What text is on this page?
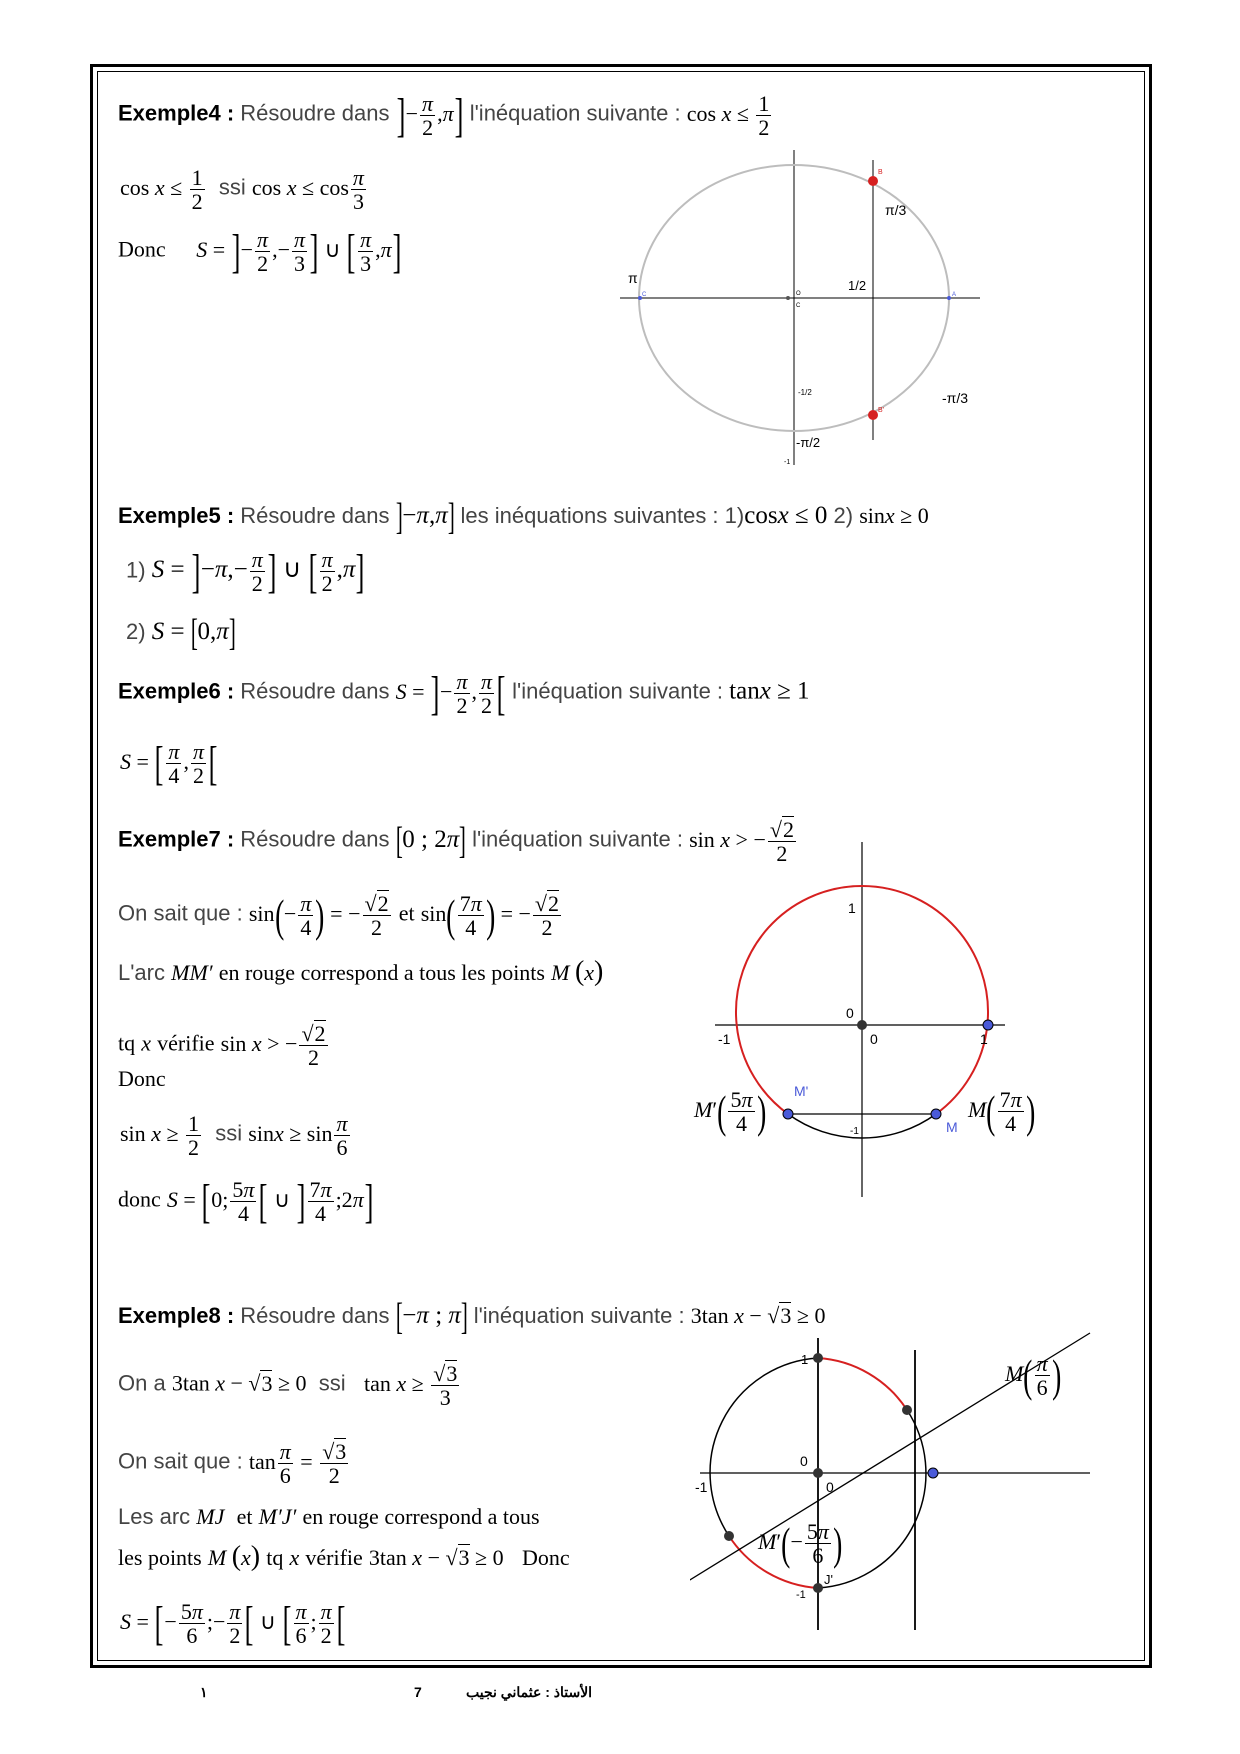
Exemple4 : Résoudre dans ]− $\frac{\pi}{2} ,\pi$] l'inéquation suivante : $\cos x \le \frac{1}{2}$
$\cos x \le \frac{1}{2}$ ssi $\cos x \le \cos \frac{\pi}{3}$
Donc S = ]− $\frac{\pi}{2}$ ,− $\frac{\pi}{3}$ ] ∪ [ $\frac{\pi}{3} ,\pi$]
π/3
-π/3
π	1/2
-1/2
-π/2
-1
B
B'
A
C	O
C
Exemple5 : Résoudre dans ]−π,π] les inéquations suivantes : 1)cosx ≤ 0 2) sinx ≥ 0
1) $S = ]-\pi,- \frac{\pi}{2}$ ] ∪ [ $\frac{\pi}{2} ,\pi$]
2) S = [0,π]
Exemple6 : Résoudre dans S = ]− $\frac{\pi}{2}$ , $\frac{\pi}{2}$ [ l'inéquation suivante : tanx ≥ 1
S = [ $\frac{\pi}{4}$ , $\frac{\pi}{2}$ [
Exemple7 : Résoudre dans [0 ; 2π] l'inéquation suivante : sin x > − $\frac{√2}{2}$
On sait que : $\sin(- \frac{\pi}{4}$ ) = − $\frac{√2}{2}$ et $\sin( \frac{7\pi}{4}$ ) = − $\frac{√2}{2}$
L'arc MM′ en rouge correspond a tous les points M (x)
tq x vérifie sin x > − $\frac{√2}{2}$
Donc
$\sin x \ge \frac{1}{2}$ ssi $\sin x \ge \sin \frac{\pi}{6}$
donc S = [0; $\frac{5\pi}{4}$ [ ∪ ] $\frac{7\pi}{4}$ ;2π]
1
0
0
-1	1
-1
M'
M
$M'( \frac{5\pi}{4}$ )	$M( \frac{7\pi}{4}$ )
Exemple8 : Résoudre dans [−π ; π] l'inéquation suivante : 3tan x − √3 ≥ 0
On a 3tan x − √3 ≥ 0 ssi $\tan x \ge \frac{√3}{3}$
On sait que : $\tan \frac{\pi}{6} = \frac{√3}{2}$
Les arc MJ et M′J′ en rouge correspond a tous
les points M (x) tq x vérifie 3tan x − √3 ≥ 0 Donc
S = [− $\frac{5\pi}{6}$ ;− $\frac{\pi}{2}$ [ ∪ [ $\frac{\pi}{6}$ ; $\frac{\pi}{2}$ [
1
0
0
-1
-1
J'
$M( \frac{\pi}{6}$ )
$M'(- \frac{5\pi}{6}$ )
١	7	الأستاذ : عثماني نجيب
